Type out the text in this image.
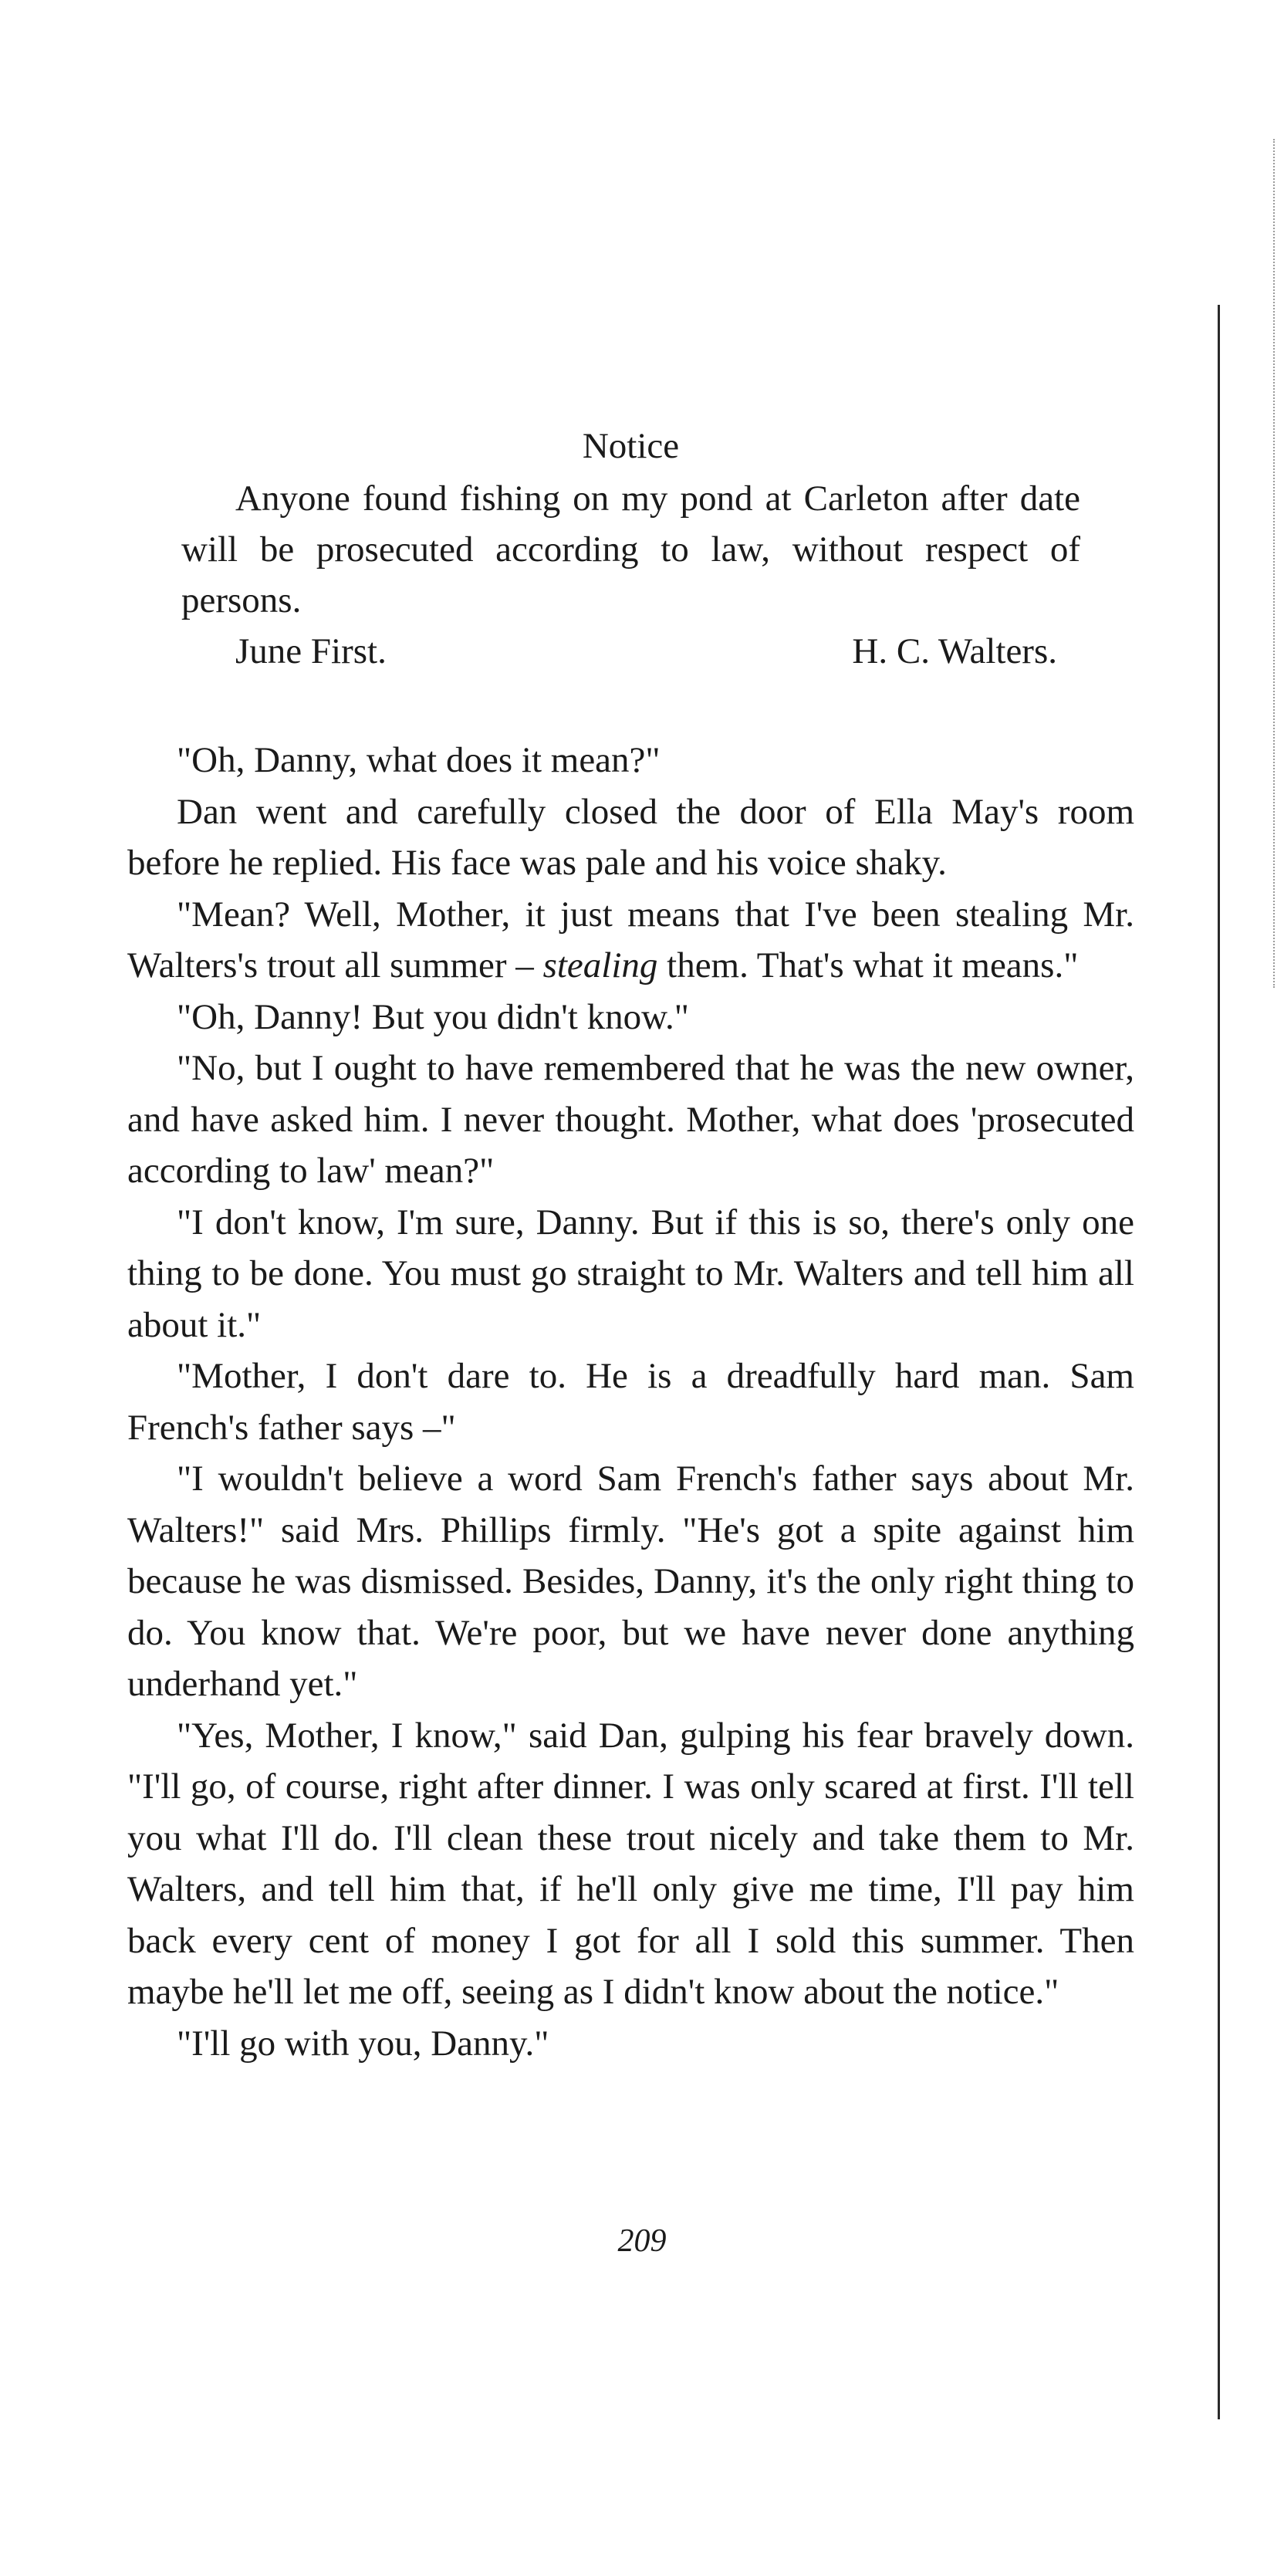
Notice

Anyone found fishing on my pond at Carleton after date will be prosecuted according to law, without respect of persons.

June First.	H. C. Walters.

"Oh, Danny, what does it mean?"

Dan went and carefully closed the door of Ella May's room before he replied. His face was pale and his voice shaky.

"Mean? Well, Mother, it just means that I've been stealing Mr. Walters's trout all summer – stealing them. That's what it means."

"Oh, Danny! But you didn't know."

"No, but I ought to have remembered that he was the new owner, and have asked him. I never thought. Mother, what does 'prosecuted according to law' mean?"

"I don't know, I'm sure, Danny. But if this is so, there's only one thing to be done. You must go straight to Mr. Walters and tell him all about it."

"Mother, I don't dare to. He is a dreadfully hard man. Sam French's father says –"

"I wouldn't believe a word Sam French's father says about Mr. Walters!" said Mrs. Phillips firmly. "He's got a spite against him because he was dismissed. Besides, Danny, it's the only right thing to do. You know that. We're poor, but we have never done anything underhand yet."

"Yes, Mother, I know," said Dan, gulping his fear bravely down. "I'll go, of course, right after dinner. I was only scared at first. I'll tell you what I'll do. I'll clean these trout nicely and take them to Mr. Walters, and tell him that, if he'll only give me time, I'll pay him back every cent of money I got for all I sold this summer. Then maybe he'll let me off, seeing as I didn't know about the notice."

"I'll go with you, Danny."

209
